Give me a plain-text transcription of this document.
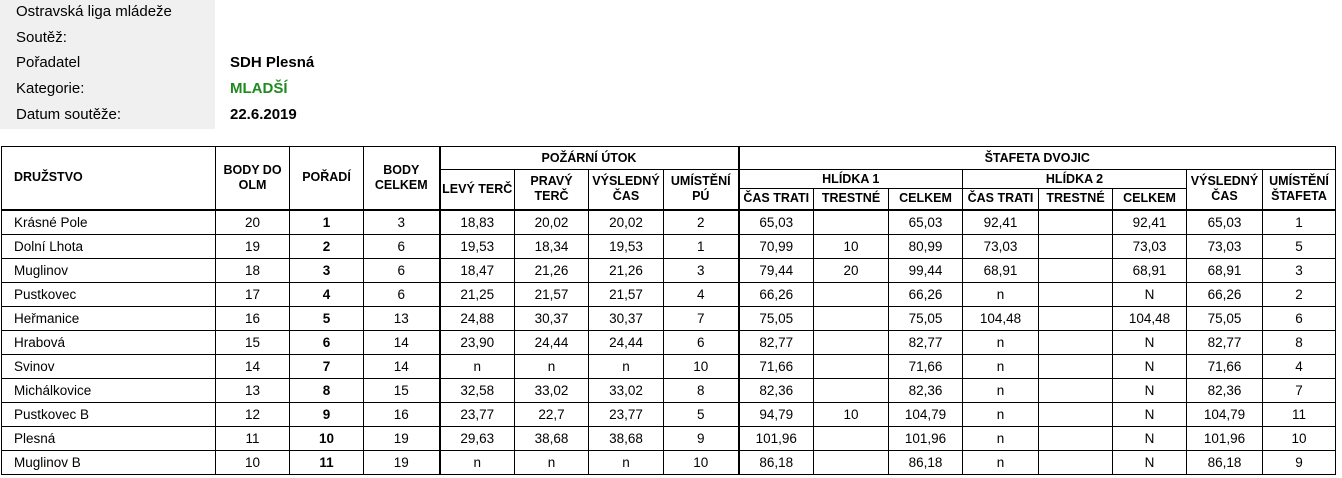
Ostravská liga mládeže
Soutěž:
Pořadatel	SDH Plesná
Kategorie:	MLADŠÍ
Datum soutěže:	22.6.2019
DRUŽSTVO	BODY DO OLM	POŘADÍ	BODY CELKEM	POŽÁRNÍ ÚTOK				ŠTAFETA DVOJIC							
				LEVÝ TERČ	PRAVÝ TERČ	VÝSLEDNÝ ČAS	UMÍSTĚNÍ PÚ	HLÍDKA 1			HLÍDKA 2			VÝSLEDNÝ ČAS	UMÍSTĚNÍ ŠTAFETA
								ČAS TRATI	TRESTNÉ	CELKEM	ČAS TRATI	TRESTNÉ	CELKEM		
Krásné Pole	20	1	3	18,83	20,02	20,02	2	65,03		65,03	92,41		92,41	65,03	1
Dolní Lhota	19	2	6	19,53	18,34	19,53	1	70,99	10	80,99	73,03		73,03	73,03	5
Muglinov	18	3	6	18,47	21,26	21,26	3	79,44	20	99,44	68,91		68,91	68,91	3
Pustkovec	17	4	6	21,25	21,57	21,57	4	66,26		66,26	n		N	66,26	2
Heřmanice	16	5	13	24,88	30,37	30,37	7	75,05		75,05	104,48		104,48	75,05	6
Hrabová	15	6	14	23,90	24,44	24,44	6	82,77		82,77	n		N	82,77	8
Svinov	14	7	14	n	n	n	10	71,66		71,66	n		N	71,66	4
Michálkovice	13	8	15	32,58	33,02	33,02	8	82,36		82,36	n		N	82,36	7
Pustkovec B	12	9	16	23,77	22,7	23,77	5	94,79	10	104,79	n		N	104,79	11
Plesná	11	10	19	29,63	38,68	38,68	9	101,96		101,96	n		N	101,96	10
Muglinov B	10	11	19	n	n	n	10	86,18		86,18	n		N	86,18	9
